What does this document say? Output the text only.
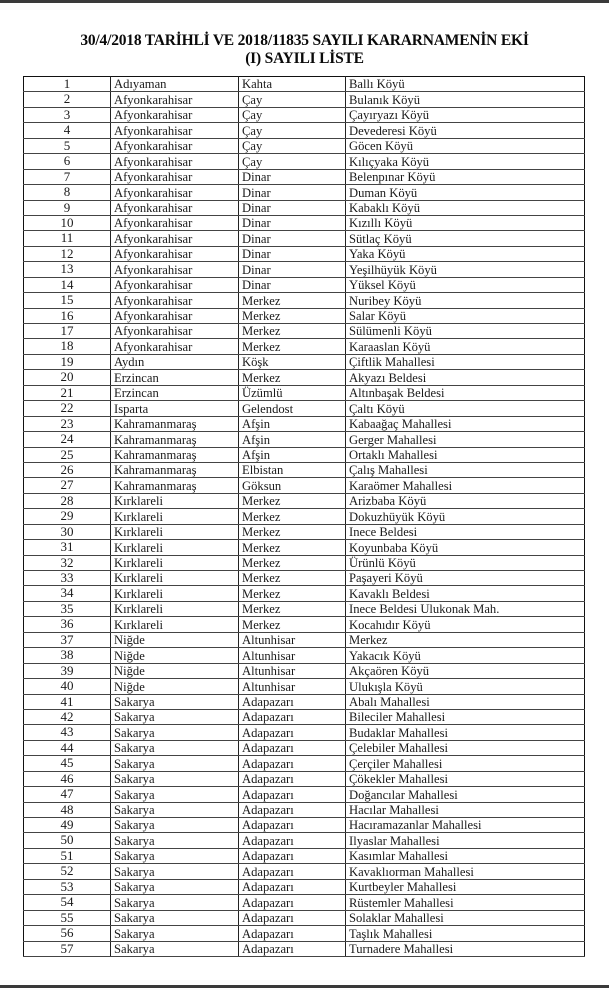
30/4/2018 TARİHLİ VE 2018/11835 SAYILI KARARNAMENİN EKİ
(I) SAYILI LİSTE
1	Adıyaman	Kahta	Ballı Köyü
2	Afyonkarahisar	Çay	Bulanık Köyü
3	Afyonkarahisar	Çay	Çayıryazı Köyü
4	Afyonkarahisar	Çay	Devederesi Köyü
5	Afyonkarahisar	Çay	Göcen Köyü
6	Afyonkarahisar	Çay	Kılıçyaka Köyü
7	Afyonkarahisar	Dinar	Belenpınar Köyü
8	Afyonkarahisar	Dinar	Duman Köyü
9	Afyonkarahisar	Dinar	Kabaklı Köyü
10	Afyonkarahisar	Dinar	Kızıllı Köyü
11	Afyonkarahisar	Dinar	Sütlaç Köyü
12	Afyonkarahisar	Dinar	Yaka Köyü
13	Afyonkarahisar	Dinar	Yeşilhüyük Köyü
14	Afyonkarahisar	Dinar	Yüksel Köyü
15	Afyonkarahisar	Merkez	Nuribey Köyü
16	Afyonkarahisar	Merkez	Salar Köyü
17	Afyonkarahisar	Merkez	Sülümenli Köyü
18	Afyonkarahisar	Merkez	Karaaslan Köyü
19	Aydın	Köşk	Çiftlik Mahallesi
20	Erzincan	Merkez	Akyazı Beldesi
21	Erzincan	Üzümlü	Altınbaşak Beldesi
22	Isparta	Gelendost	Çaltı Köyü
23	Kahramanmaraş	Afşin	Kabaağaç Mahallesi
24	Kahramanmaraş	Afşin	Gerger Mahallesi
25	Kahramanmaraş	Afşin	Ortaklı Mahallesi
26	Kahramanmaraş	Elbistan	Çalış Mahallesi
27	Kahramanmaraş	Göksun	Karaömer Mahallesi
28	Kırklareli	Merkez	Arizbaba Köyü
29	Kırklareli	Merkez	Dokuzhüyük Köyü
30	Kırklareli	Merkez	Inece Beldesi
31	Kırklareli	Merkez	Koyunbaba Köyü
32	Kırklareli	Merkez	Ürünlü Köyü
33	Kırklareli	Merkez	Paşayeri Köyü
34	Kırklareli	Merkez	Kavaklı Beldesi
35	Kırklareli	Merkez	Inece Beldesi Ulukonak Mah.
36	Kırklareli	Merkez	Kocahıdır Köyü
37	Niğde	Altunhisar	Merkez
38	Niğde	Altunhisar	Yakacık Köyü
39	Niğde	Altunhisar	Akçaören Köyü
40	Niğde	Altunhisar	Ulukışla Köyü
41	Sakarya	Adapazarı	Abalı Mahallesi
42	Sakarya	Adapazarı	Bileciler Mahallesi
43	Sakarya	Adapazarı	Budaklar Mahallesi
44	Sakarya	Adapazarı	Çelebiler Mahallesi
45	Sakarya	Adapazarı	Çerçiler Mahallesi
46	Sakarya	Adapazarı	Çökekler Mahallesi
47	Sakarya	Adapazarı	Doğancılar Mahallesi
48	Sakarya	Adapazarı	Hacılar Mahallesi
49	Sakarya	Adapazarı	Hacıramazanlar Mahallesi
50	Sakarya	Adapazarı	Ilyaslar Mahallesi
51	Sakarya	Adapazarı	Kasımlar Mahallesi
52	Sakarya	Adapazarı	Kavaklıorman Mahallesi
53	Sakarya	Adapazarı	Kurtbeyler Mahallesi
54	Sakarya	Adapazarı	Rüstemler Mahallesi
55	Sakarya	Adapazarı	Solaklar Mahallesi
56	Sakarya	Adapazarı	Taşlık Mahallesi
57	Sakarya	Adapazarı	Turnadere Mahallesi
